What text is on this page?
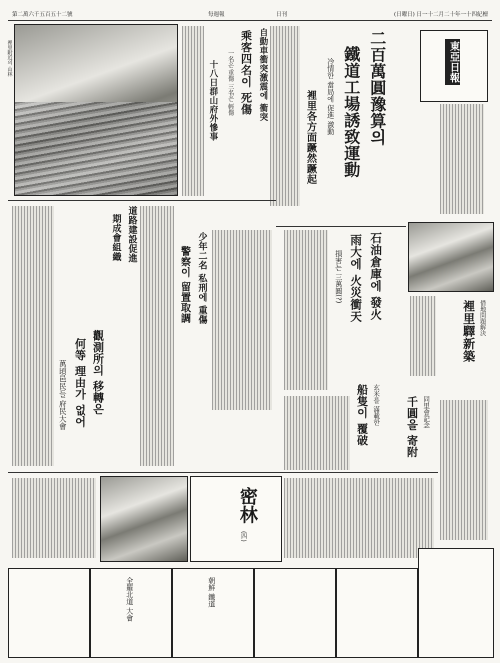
第二萬六千五百五十二號	每週報	日刊	(日曜日) 日一十二月二十年一十四紀檀
裡里附近의 山林	自動車衝突激震에 衝突
乘客四名이 死傷
一名은 重傷 三名은 輕傷
十八日群山府外慘事	二百萬圓豫算의
鐵道工場誘致運動
冷情한 當局에 促進 激動
裡里各方面蹶然蹶起
東亞日報
石油倉庫에 發火
雨大에 火災衝天
損害는 三萬圓(?)
裡里驛新築 借地問題解決
少年二名 私刑에 重傷
警察이 留置取調
道路建設促進
期成會組織
觀測所의 移轉은
何等 理由가 없어
萬頃邑民들 府民大會	船隻이 覆破 玄米를 滿載한 千圓을 寄附 同里會記念
密林
(四)
全羅北道 大會	朝鮮 鐵道
